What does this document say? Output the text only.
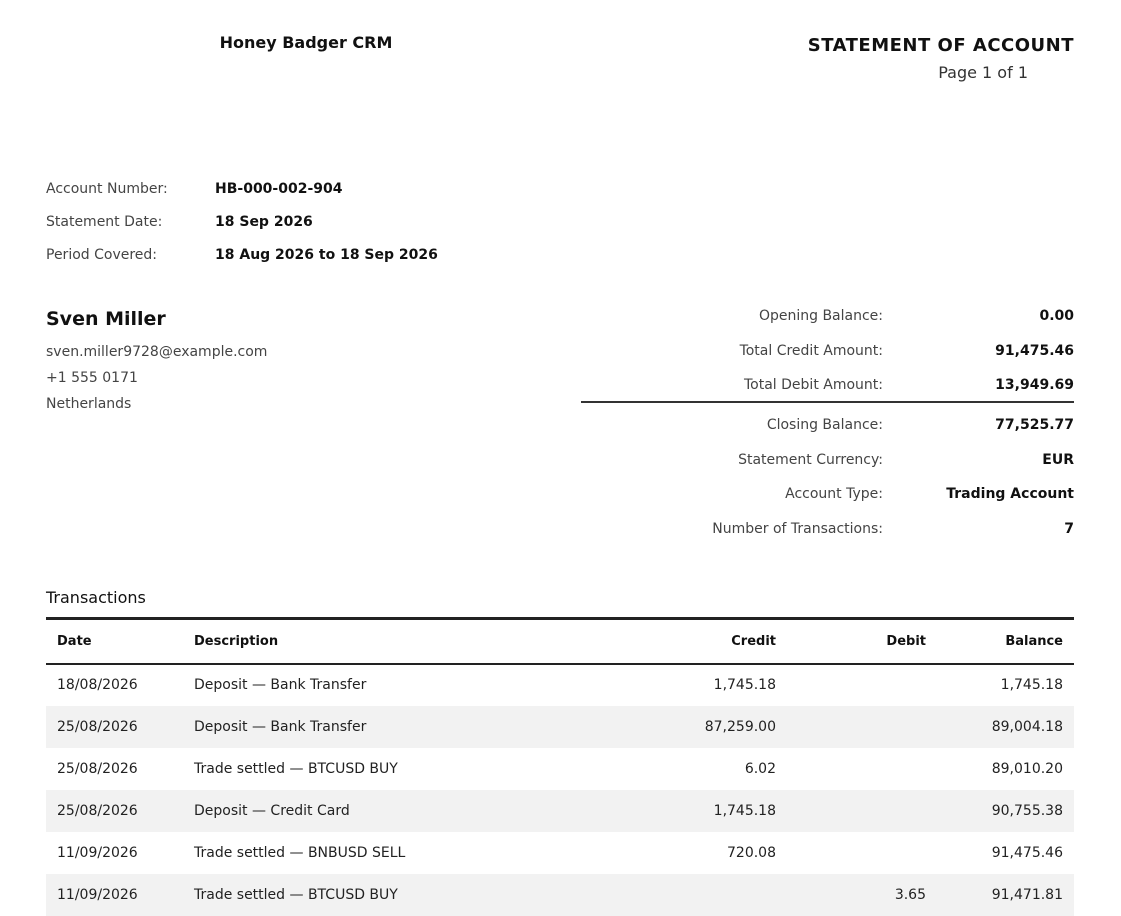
Honey Badger CRM	STATEMENT OF ACCOUNT
Page 1 of 1
Account Number:	HB-000-002-904
Statement Date:	18 Sep 2026
Period Covered:	18 Aug 2026 to 18 Sep 2026
Sven Miller
sven.miller9728@example.com
+1 555 0171
Netherlands
Opening Balance:	0.00
Total Credit Amount:	91,475.46
Total Debit Amount:	13,949.69
Closing Balance:	77,525.77
Statement Currency:	EUR
Account Type:	Trading Account
Number of Transactions:	7
Transactions
Date	Description	Credit	Debit	Balance
18/08/2026	Deposit — Bank Transfer	1,745.18		1,745.18
25/08/2026	Deposit — Bank Transfer	87,259.00		89,004.18
25/08/2026	Trade settled — BTCUSD BUY	6.02		89,010.20
25/08/2026	Deposit — Credit Card	1,745.18		90,755.38
11/09/2026	Trade settled — BNBUSD SELL	720.08		91,475.46
11/09/2026	Trade settled — BTCUSD BUY		3.65	91,471.81
